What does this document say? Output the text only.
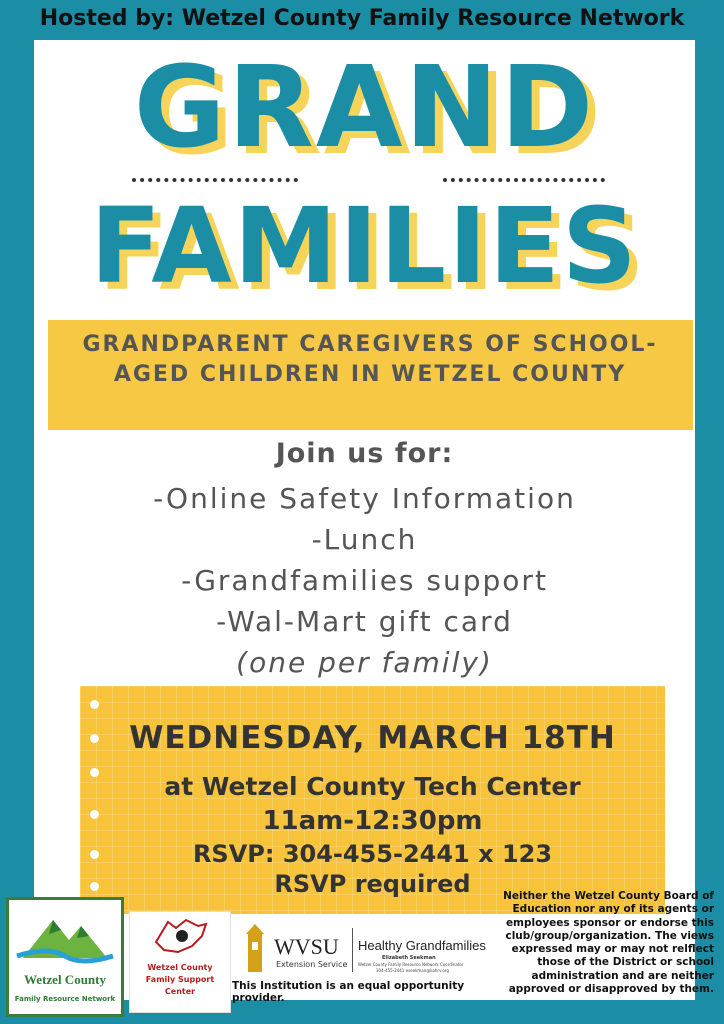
Hosted by: Wetzel County Family Resource Network
GRAND
FAMILIES
GRANDPARENT CAREGIVERS OF SCHOOL-AGED CHILDREN IN WETZEL COUNTY
Join us for:
-Online Safety Information
-Lunch
-Grandfamilies support
-Wal-Mart gift card
(one per family)
WEDNESDAY, MARCH 18TH
at Wetzel County Tech Center
11am-12:30pm
RSVP: 304-455-2441 x 123
RSVP required
Wetzel County
Family Resource Network
Wetzel County Family Support Center
WVSU
Extension Service
Healthy Grandfamilies
Elizabeth Seekman
Wetzel County Family Resource Network Coordinator
304-455-2441 eseekman@kohrv.org
This Institution is an equal opportunity provider.
Neither the Wetzel County Board of Education nor any of its agents or employees sponsor or endorse this club/group/organization. The views expressed may or may not relflect those of the District or school administration and are neither approved or disapproved by them.
